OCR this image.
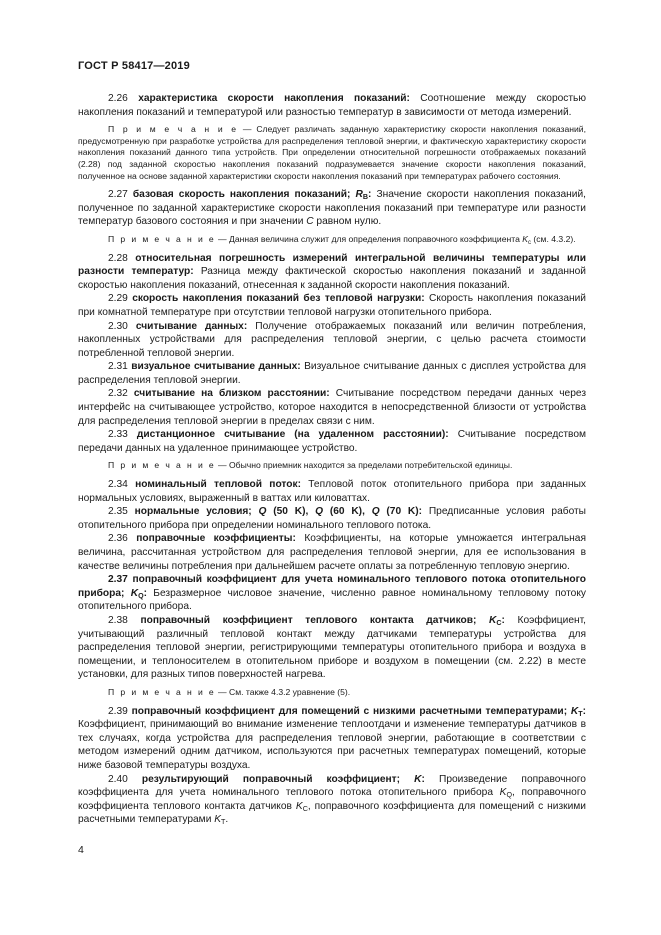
ГОСТ Р 58417—2019

2.26 характеристика скорости накопления показаний: Соотношение между скоростью накопления показаний и температурой или разностью температур в зависимости от метода измерений.

П р и м е ч а н и е — Следует различать заданную характеристику скорости накопления показаний, предусмотренную при разработке устройства для распределения тепловой энергии, и фактическую характеристику скорости накопления показаний данного типа устройств. При определении относительной погрешности отображаемых показаний (2.28) под заданной скоростью накопления показаний подразумевается значение скорости накопления показаний, полученное на основе заданной характеристики скорости накопления показаний при температурах рабочего состояния.

2.27 базовая скорость накопления показаний; $R_B$: Значение скорости накопления показаний, полученное по заданной характеристике скорости накопления показаний при температуре или разности температур базового состояния и при значении C равном нулю.

П р и м е ч а н и е — Данная величина служит для определения поправочного коэффициента $K_c$ (см. 4.3.2).

2.28 относительная погрешность измерений интегральной величины температуры или разности температур: Разница между фактической скоростью накопления показаний и заданной скоростью накопления показаний, отнесенная к заданной скорости накопления показаний.

2.29 скорость накопления показаний без тепловой нагрузки: Скорость накопления показаний при комнатной температуре при отсутствии тепловой нагрузки отопительного прибора.

2.30 считывание данных: Получение отображаемых показаний или величин потребления, накопленных устройствами для распределения тепловой энергии, с целью расчета стоимости потребленной тепловой энергии.

2.31 визуальное считывание данных: Визуальное считывание данных с дисплея устройства для распределения тепловой энергии.

2.32 считывание на близком расстоянии: Считывание посредством передачи данных через интерфейс на считывающее устройство, которое находится в непосредственной близости от устройства для распределения тепловой энергии в пределах связи с ним.

2.33 дистанционное считывание (на удаленном расстоянии): Считывание посредством передачи данных на удаленное принимающее устройство.

П р и м е ч а н и е — Обычно приемник находится за пределами потребительской единицы.

2.34 номинальный тепловой поток: Тепловой поток отопительного прибора при заданных нормальных условиях, выраженный в ваттах или киловаттах.

2.35 нормальные условия; Q (50 K), Q (60 K), Q (70 K): Предписанные условия работы отопительного прибора при определении номинального теплового потока.

2.36 поправочные коэффициенты: Коэффициенты, на которые умножается интегральная величина, рассчитанная устройством для распределения тепловой энергии, для ее использования в качестве величины потребления при дальнейшем расчете оплаты за потребленную тепловую энергию.

2.37 поправочный коэффициент для учета номинального теплового потока отопительного прибора; $K_Q$: Безразмерное числовое значение, численно равное номинальному тепловому потоку отопительного прибора.

2.38 поправочный коэффициент теплового контакта датчиков; $K_C$: Коэффициент, учитывающий различный тепловой контакт между датчиками температуры устройства для распределения тепловой энергии, регистрирующими температуры отопительного прибора и воздуха в помещении, и теплоносителем в отопительном приборе и воздухом в помещении (см. 2.22) в месте установки, для разных типов поверхностей нагрева.

П р и м е ч а н и е — См. также 4.3.2 уравнение (5).

2.39 поправочный коэффициент для помещений с низкими расчетными температурами; $K_T$: Коэффициент, принимающий во внимание изменение теплоотдачи и изменение температуры датчиков в тех случаях, когда устройства для распределения тепловой энергии, работающие в соответствии с методом измерений одним датчиком, используются при расчетных температурах помещений, которые ниже базовой температуры воздуха.

2.40 результирующий поправочный коэффициент; K: Произведение поправочного коэффициента для учета номинального теплового потока отопительного прибора $K_Q$, поправочного коэффициента теплового контакта датчиков $K_C$, поправочного коэффициента для помещений с низкими расчетными температурами $K_T$.

4
